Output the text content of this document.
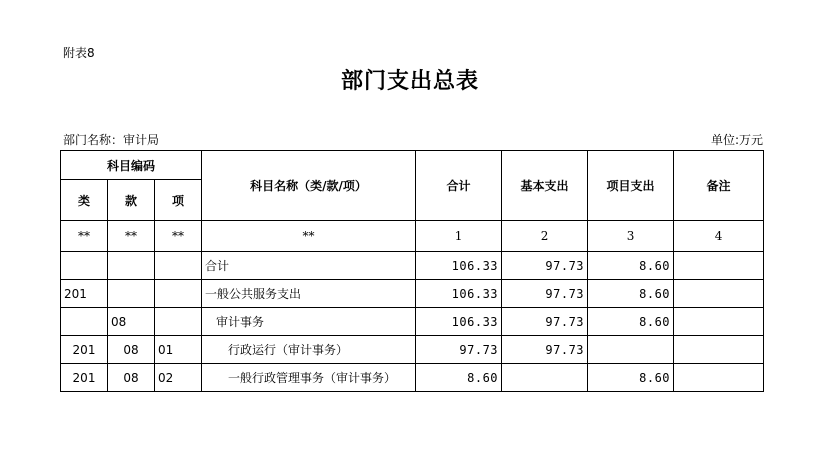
附表8
部门支出总表
部门名称：审计局	单位:万元
科目编码			科目名称（类/款/项）	合计	基本支出	项目支出	备注
类	款	项					
**	**	**	**	1	2	3	4
			合计	106.33	97.73	8.60	
201			一般公共服务支出	106.33	97.73	8.60	
	08		审计事务	106.33	97.73	8.60	
201	08	01	行政运行（审计事务）	97.73	97.73		
201	08	02	一般行政管理事务（审计事务）	8.60		8.60	
